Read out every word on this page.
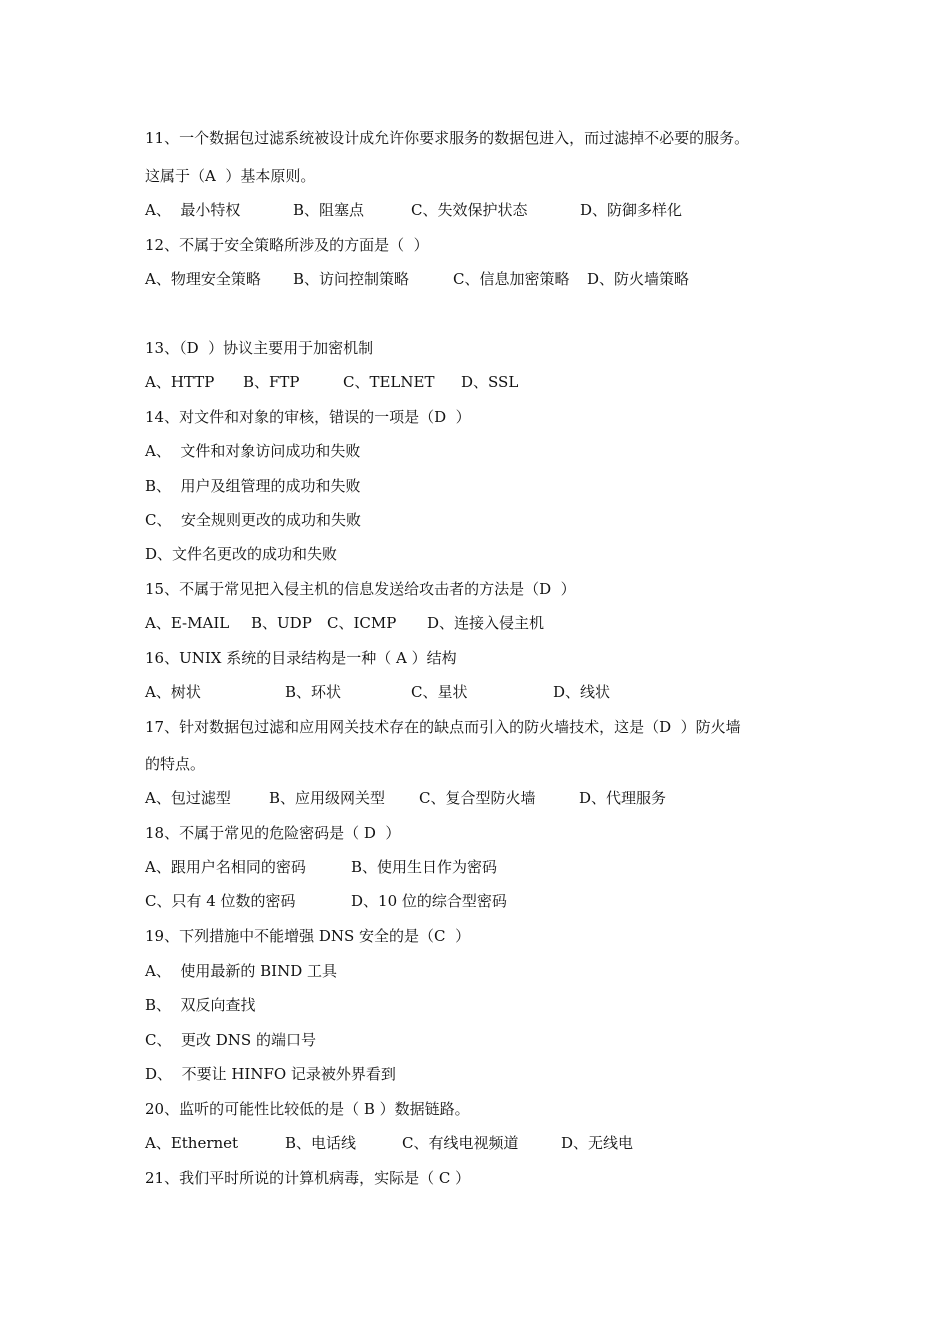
11、一个数据包过滤系统被设计成允许你要求服务的数据包进入，而过滤掉不必要的服务。
这属于（A  ）基本原则。
A、  最小特权	B、阻塞点	C、失效保护状态	D、防御多样化
12、不属于安全策略所涉及的方面是（  ）
A、物理安全策略 B、访问控制策略	C、信息加密策略 D、防火墙策略
13、（D  ）协议主要用于加密机制
A、HTTP B、FTP	C、TELNET D、SSL
14、对文件和对象的审核，错误的一项是（D  ）
A、  文件和对象访问成功和失败
B、  用户及组管理的成功和失败
C、  安全规则更改的成功和失败
D、文件名更改的成功和失败
15、不属于常见把入侵主机的信息发送给攻击者的方法是（D  ）
A、E-MAIL B、UDP C、ICMP D、连接入侵主机
16、UNIX 系统的目录结构是一种（ A ）结构
A、树状	B、环状	C、星状	D、线状
17、针对数据包过滤和应用网关技术存在的缺点而引入的防火墙技术，这是（D  ）防火墙
的特点。
A、包过滤型	B、应用级网关型 C、复合型防火墙	D、代理服务
18、不属于常见的危险密码是（ D  ）
A、跟用户名相同的密码	B、使用生日作为密码
C、只有 4 位数的密码	D、10 位的综合型密码
19、下列措施中不能增强 DNS 安全的是（C  ）
A、  使用最新的 BIND 工具
B、  双反向查找
C、  更改 DNS 的端口号
D、  不要让 HINFO 记录被外界看到
20、监听的可能性比较低的是（ B ）数据链路。
A、Ethernet	B、电话线	C、有线电视频道	D、无线电
21、我们平时所说的计算机病毒，实际是（ C ）
